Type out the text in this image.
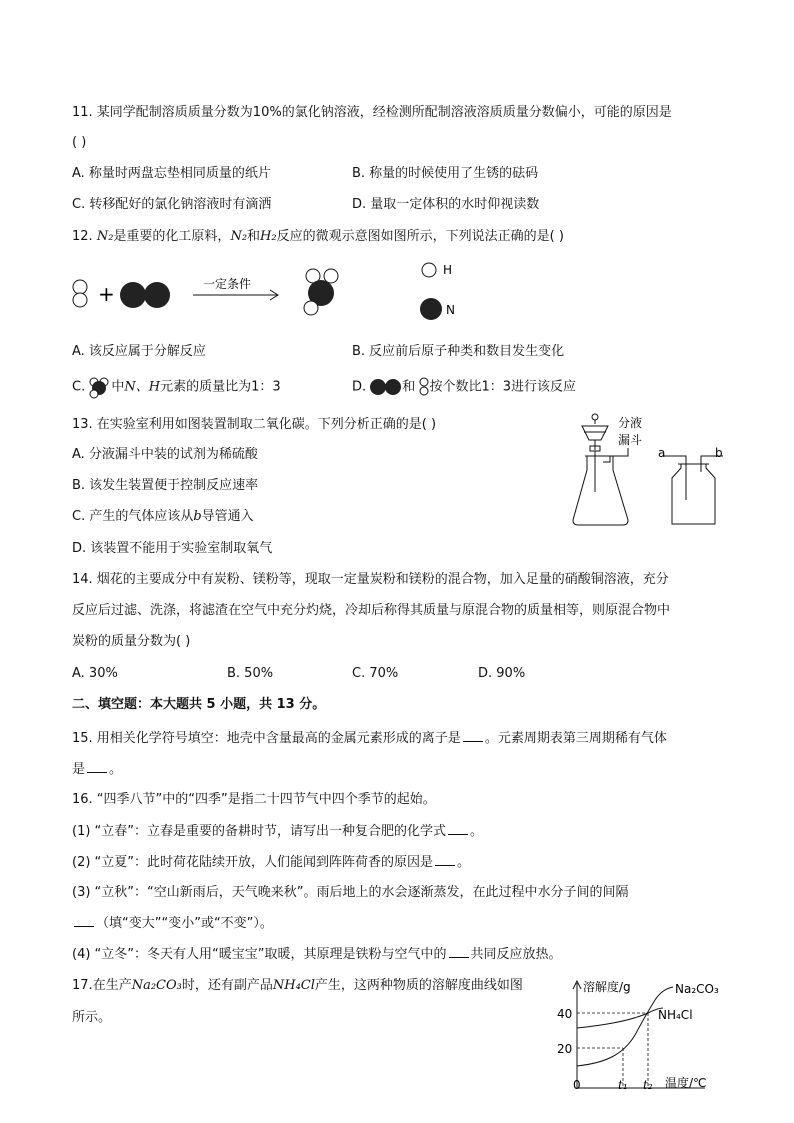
11. 某同学配制溶质质量分数为10%的氯化钠溶液，经检测所配制溶液溶质质量分数偏小，可能的原因是
( )
A. 称量时两盘忘垫相同质量的纸片	B. 称量的时候使用了生锈的砝码
C. 转移配好的氯化钠溶液时有滴洒	D. 量取一定体积的水时仰视读数
12. N₂是重要的化工原料，N₂和H₂反应的微观示意图如图所示，下列说法正确的是( )
+	一定条件
H
N
A. 该反应属于分解反应	B. 反应前后原子种类和数目发生变化
C. 中N、H元素的质量比为1：3	D.	和 按个数比1：3进行该反应
13. 在实验室利用如图装置制取二氧化碳。下列分析正确的是( )
A. 分液漏斗中装的试剂为稀硫酸
B. 该发生装置便于控制反应速率
C. 产生的气体应该从b导管通入
D. 该装置不能用于实验室制取氧气
分液
漏斗
a	b
14. 烟花的主要成分中有炭粉、镁粉等，现取一定量炭粉和镁粉的混合物，加入足量的硝酸铜溶液，充分
反应后过滤、洗涤，将滤渣在空气中充分灼烧，冷却后称得其质量与原混合物的质量相等，则原混合物中
炭粉的质量分数为( )
A. 30%	B. 50%	C. 70%	D. 90%
二、填空题：本大题共 5 小题，共 13 分。
15. 用相关化学符号填空：地壳中含量最高的金属元素形成的离子是 。元素周期表第三周期稀有气体
是 。
16. “四季八节”中的“四季”是指二十四节气中四个季节的起始。
(1) “立春”：立春是重要的备耕时节，请写出一种复合肥的化学式 。
(2) “立夏”：此时荷花陆续开放，人们能闻到阵阵荷香的原因是 。
(3) “立秋”：“空山新雨后，天气晚来秋”。雨后地上的水会逐渐蒸发，在此过程中水分子间的间隔
（填“变大”“变小”或“不变”）。
(4) “立冬”：冬天有人用“暖宝宝”取暖，其原理是铁粉与空气中的 共同反应放热。
17.在生产Na₂CO₃时，还有副产品NH₄Cl产生，这两种物质的溶解度曲线如图
所示。
溶解度/g
温度/℃
40
20
0	t₁ t₂
Na₂CO₃
NH₄Cl
